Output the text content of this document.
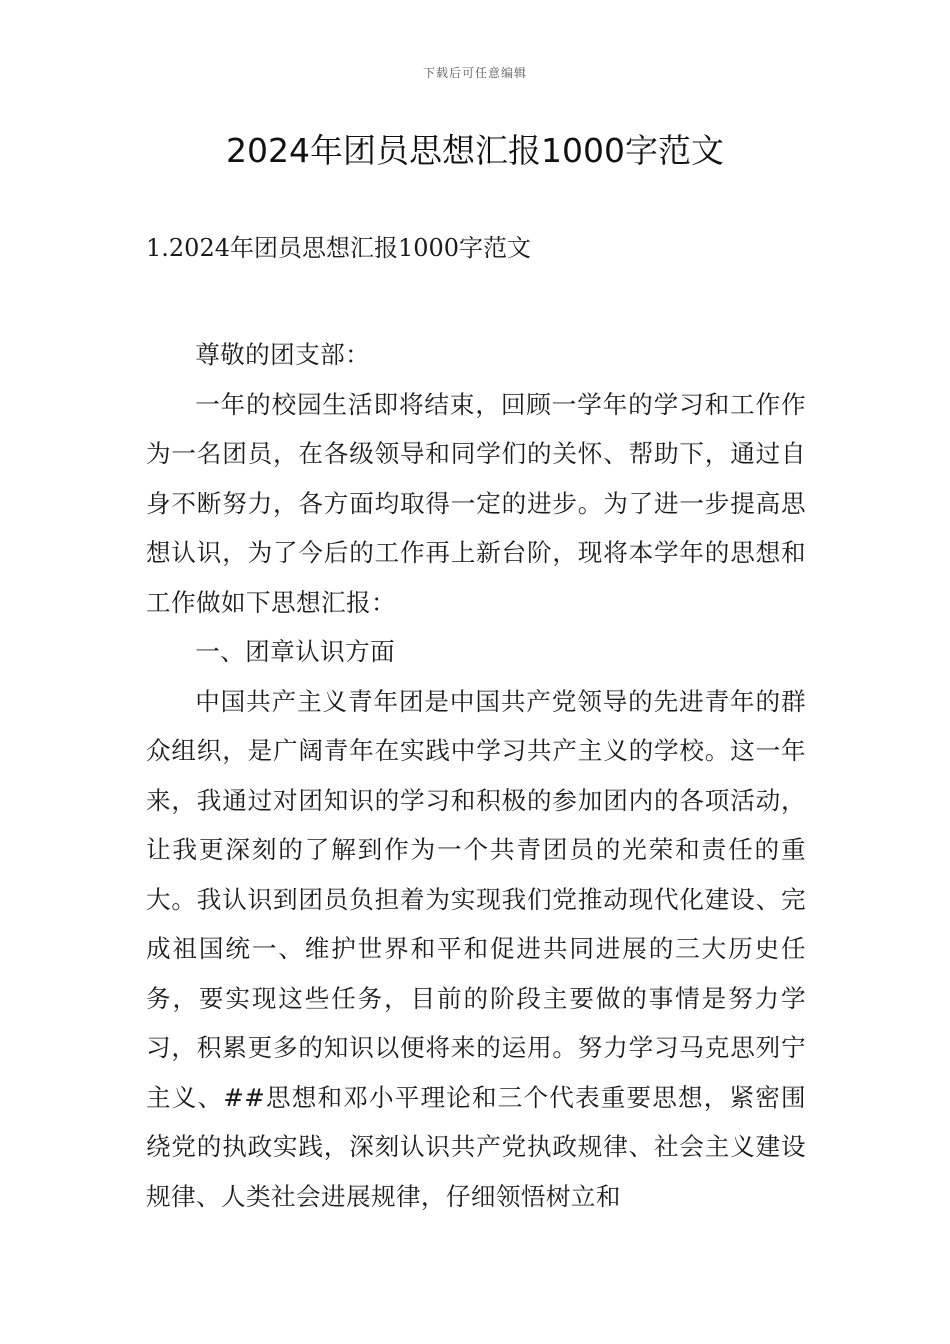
下载后可任意编辑
2024年团员思想汇报1000字范文
1.2024年团员思想汇报1000字范文

尊敬的团支部：

一年的校园生活即将结束，回顾一学年的学习和工作作为一名团员，在各级领导和同学们的关怀、帮助下，通过自身不断努力，各方面均取得一定的进步。为了进一步提高思想认识，为了今后的工作再上新台阶，现将本学年的思想和工作做如下思想汇报：

一、团章认识方面

中国共产主义青年团是中国共产党领导的先进青年的群众组织，是广阔青年在实践中学习共产主义的学校。这一年来，我通过对团知识的学习和积极的参加团内的各项活动，让我更深刻的了解到作为一个共青团员的光荣和责任的重大。我认识到团员负担着为实现我们党推动现代化建设、完成祖国统一、维护世界和平和促进共同进展的三大历史任务，要实现这些任务，目前的阶段主要做的事情是努力学习，积累更多的知识以便将来的运用。努力学习马克思列宁主义、##思想和邓小平理论和三个代表重要思想，紧密围绕党的执政实践，深刻认识共产党执政规律、社会主义建设规律、人类社会进展规律，仔细领悟树立和
